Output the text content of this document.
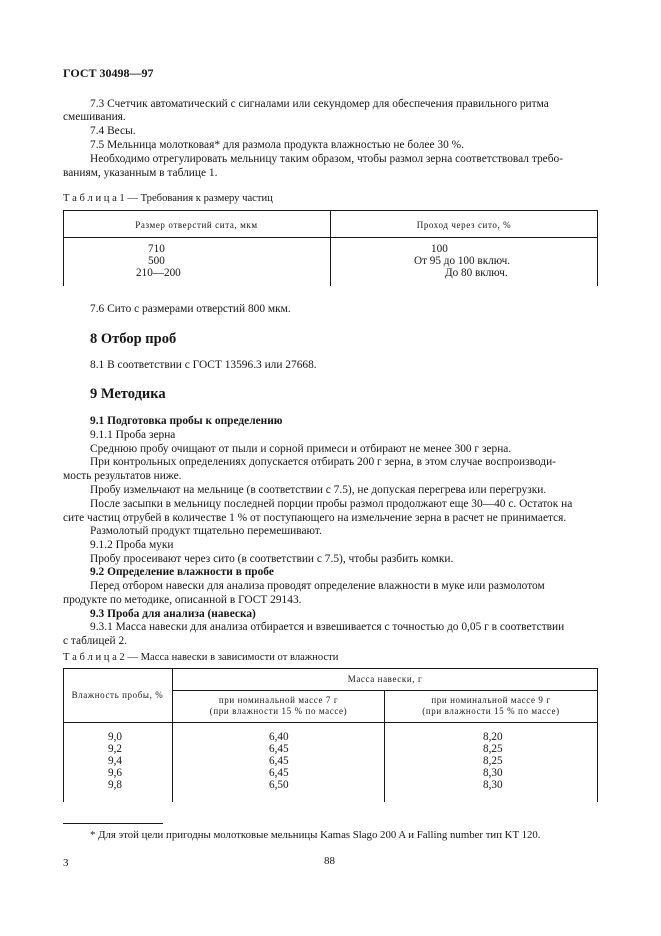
ГОСТ 30498—97
7.3 Счетчик автоматический с сигналами или секундомер для обеспечения правильного ритма
смешивания.
7.4 Весы.
7.5 Мельница молотковая* для размола продукта влажностью не более 30 %.
Необходимо отрегулировать мельницу таким образом, чтобы размол зерна соответствовал требо-
ваниям, указанным в таблице 1.
Т а б л и ц а 1 — Требования к размеру частиц
Размер отверстий сита, мкм	Проход через сито, %
710
500
210—200
100
От 95 до 100 включ.
До 80 включ.
7.6 Сито с размерами отверстий 800 мкм.
8 Отбор проб
8.1 В соответствии с ГОСТ 13596.3 или 27668.
9 Методика
9.1 Подготовка пробы к определению
9.1.1 Проба зерна
Среднюю пробу очищают от пыли и сорной примеси и отбирают не менее 300 г зерна.
При контрольных определениях допускается отбирать 200 г зерна, в этом случае воспроизводи-
мость результатов ниже.
Пробу измельчают на мельнице (в соответствии с 7.5), не допуская перегрева или перегрузки.
После засыпки в мельницу последней порции пробы размол продолжают еще 30—40 с. Остаток на
сите частиц отрубей в количестве 1 % от поступающего на измельчение зерна в расчет не принимается.
Размолотый продукт тщательно перемешивают.
9.1.2 Проба муки
Пробу просеивают через сито (в соответствии с 7.5), чтобы разбить комки.
9.2 Определение влажности в пробе
Перед отбором навески для анализа проводят определение влажности в муке или размолотом
продукте по методике, описанной в ГОСТ 29143.
9.3 Проба для анализа (навеска)
9.3.1 Масса навески для анализа отбирается и взвешивается с точностью до 0,05 г в соответствии
с таблицей 2.
Т а б л и ц а 2 — Масса навески в зависимости от влажности
Влажность пробы, %
Масса навески, г
при номинальной массе 7 г
(при влажности 15 % по массе)
при номинальной массе 9 г
(при влажности 15 % по массе)
9,0
9,2
9,4
9,6
9,8
6,40
6,45
6,45
6,45
6,50
8,20
8,25
8,25
8,30
8,30
* Для этой цели пригодны молотковые мельницы Kamas Slago 200 A и Falling number тип KT 120.
88
3
